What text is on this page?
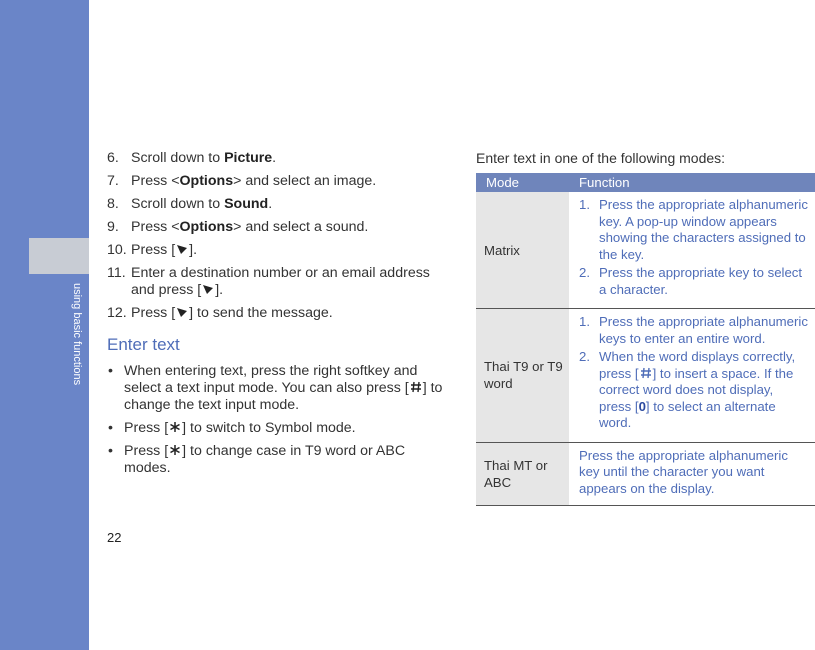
using basic functions
6. Scroll down to Picture.
7. Press <Options> and select an image.
8. Scroll down to Sound.
9. Press <Options> and select a sound.
10. Press [ ].
11. Enter a destination number or an email address and press [ ].
12. Press [ ] to send the message.
Enter text
• When entering text, press the right softkey and select a text input mode. You can also press [ ] to change the text input mode.
• Press [ ] to switch to Symbol mode.
• Press [ ] to change case in T9 word or ABC modes.
22
Enter text in one of the following modes:
Mode	Function
Matrix	1. Press the appropriate alphanumeric key. A pop-up window appears showing the characters assigned to the key.
2. Press the appropriate key to select a character.

Thai T9 or T9 word	1. Press the appropriate alphanumeric keys to enter an entire word.
2. When the word displays correctly, press [ ] to insert a space. If the correct word does not display, press [0] to select an alternate word.

Thai MT or ABC	Press the appropriate alphanumeric key until the character you want appears on the display.
